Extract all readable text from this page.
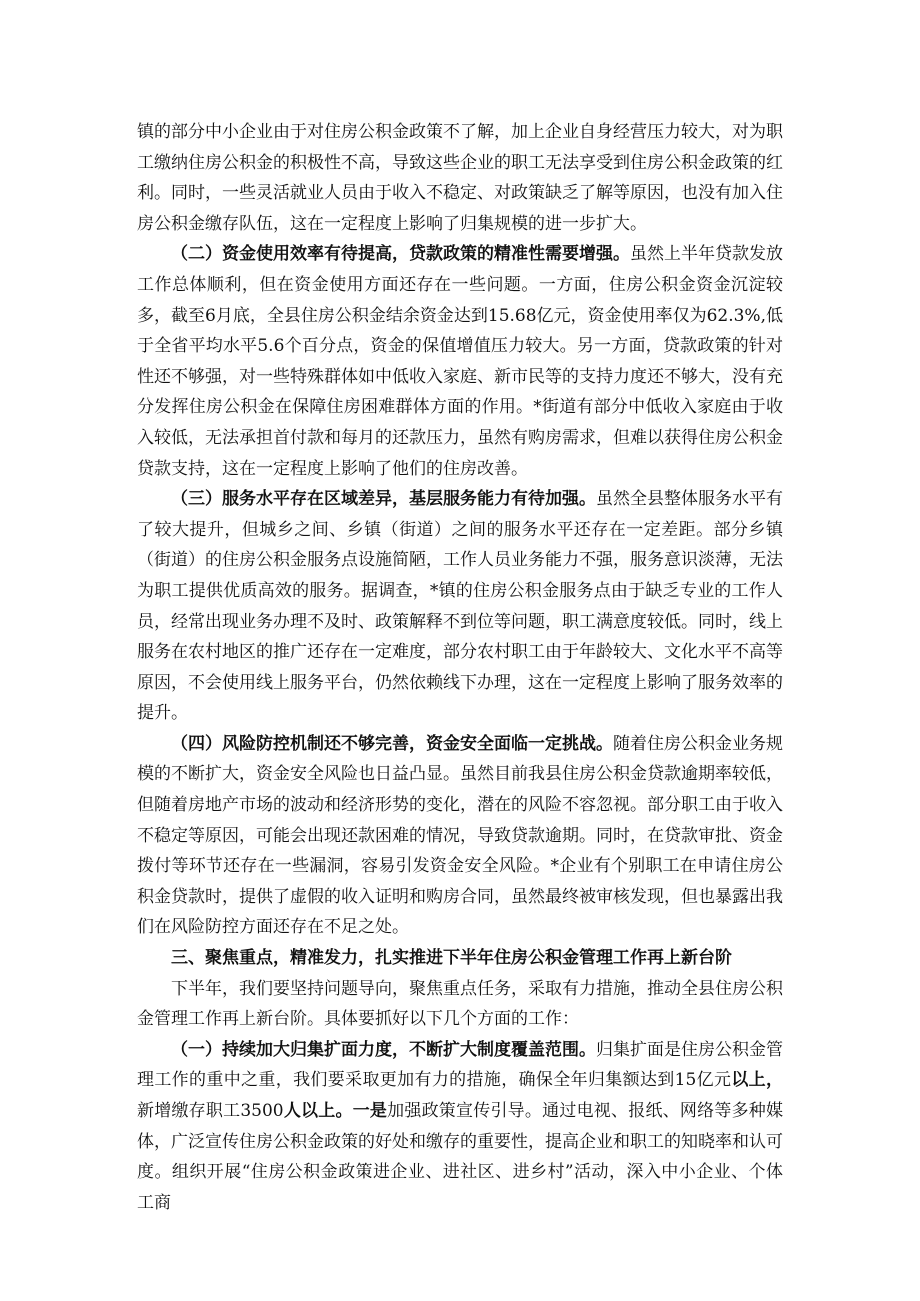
镇的部分中小企业由于对住房公积金政策不了解，加上企业自身经营压力较大，对为职工缴纳住房公积金的积极性不高，导致这些企业的职工无法享受到住房公积金政策的红利。同时，一些灵活就业人员由于收入不稳定、对政策缺乏了解等原因，也没有加入住房公积金缴存队伍，这在一定程度上影响了归集规模的进一步扩大。

（二）资金使用效率有待提高，贷款政策的精准性需要增强。虽然上半年贷款发放工作总体顺利，但在资金使用方面还存在一些问题。一方面，住房公积金资金沉淀较多，截至6月底，全县住房公积金结余资金达到15.68亿元，资金使用率仅为62.3%,低于全省平均水平5.6个百分点，资金的保值增值压力较大。另一方面，贷款政策的针对性还不够强，对一些特殊群体如中低收入家庭、新市民等的支持力度还不够大，没有充分发挥住房公积金在保障住房困难群体方面的作用。*街道有部分中低收入家庭由于收入较低，无法承担首付款和每月的还款压力，虽然有购房需求，但难以获得住房公积金贷款支持，这在一定程度上影响了他们的住房改善。

（三）服务水平存在区域差异，基层服务能力有待加强。虽然全县整体服务水平有了较大提升，但城乡之间、乡镇（街道）之间的服务水平还存在一定差距。部分乡镇（街道）的住房公积金服务点设施简陋，工作人员业务能力不强，服务意识淡薄，无法为职工提供优质高效的服务。据调查，*镇的住房公积金服务点由于缺乏专业的工作人员，经常出现业务办理不及时、政策解释不到位等问题，职工满意度较低。同时，线上服务在农村地区的推广还存在一定难度，部分农村职工由于年龄较大、文化水平不高等原因，不会使用线上服务平台，仍然依赖线下办理，这在一定程度上影响了服务效率的提升。

（四）风险防控机制还不够完善，资金安全面临一定挑战。随着住房公积金业务规模的不断扩大，资金安全风险也日益凸显。虽然目前我县住房公积金贷款逾期率较低，但随着房地产市场的波动和经济形势的变化，潜在的风险不容忽视。部分职工由于收入不稳定等原因，可能会出现还款困难的情况，导致贷款逾期。同时，在贷款审批、资金拨付等环节还存在一些漏洞，容易引发资金安全风险。*企业有个别职工在申请住房公积金贷款时，提供了虚假的收入证明和购房合同，虽然最终被审核发现，但也暴露出我们在风险防控方面还存在不足之处。

三、聚焦重点，精准发力，扎实推进下半年住房公积金管理工作再上新台阶

下半年，我们要坚持问题导向，聚焦重点任务，采取有力措施，推动全县住房公积金管理工作再上新台阶。具体要抓好以下几个方面的工作：

（一）持续加大归集扩面力度，不断扩大制度覆盖范围。归集扩面是住房公积金管理工作的重中之重，我们要采取更加有力的措施，确保全年归集额达到15亿元以上，新增缴存职工3500人以上。一是加强政策宣传引导。通过电视、报纸、网络等多种媒体，广泛宣传住房公积金政策的好处和缴存的重要性，提高企业和职工的知晓率和认可度。组织开展“住房公积金政策进企业、进社区、进乡村”活动，深入中小企业、个体工商
